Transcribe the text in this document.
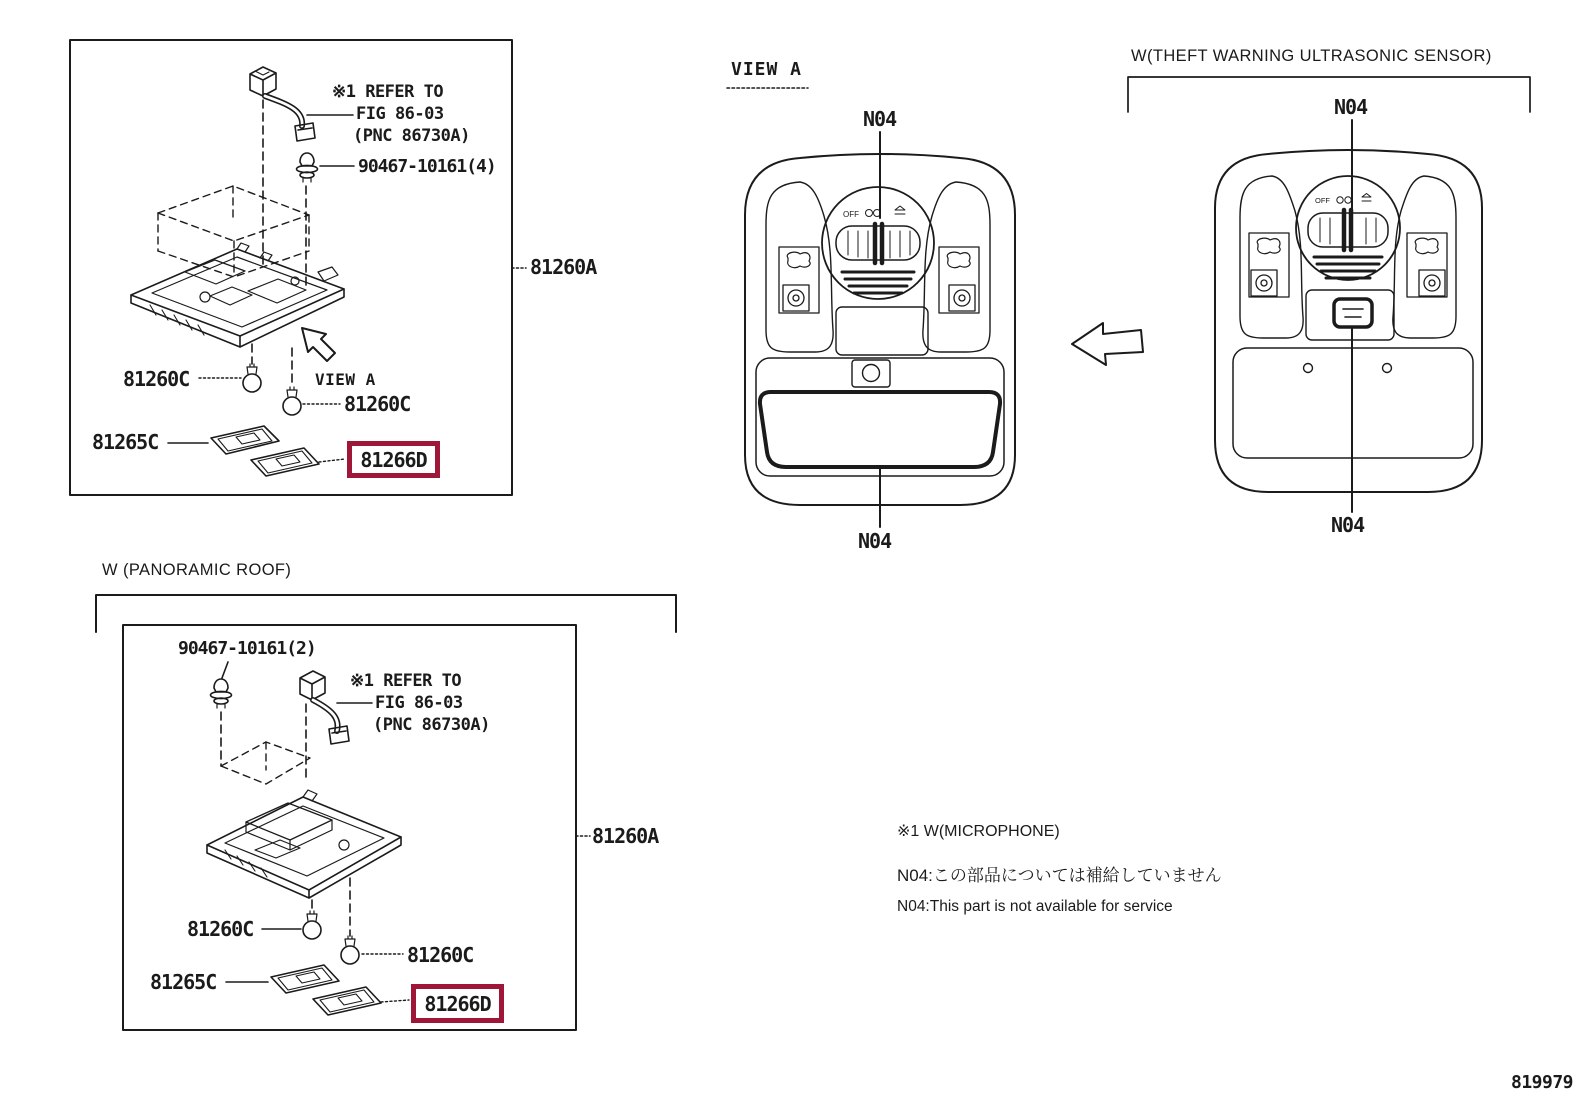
OFF
OFF
※1 REFER TO
FIG 86-03
(PNC 86730A)
90467-10161(4)
81260A
81260C	VIEW A
81260C
81265C
81266D
VIEW A
N04
N04
W(THEFT WARNING ULTRASONIC SENSOR)
N04
N04
W (PANORAMIC ROOF)
90467-10161(2)
※1 REFER TO
FIG 86-03
(PNC 86730A)
81260A
81260C
81260C
81265C
81266D
※1 W(MICROPHONE)
N04:この部品については補給していません
N04:This part is not available for service
819979
